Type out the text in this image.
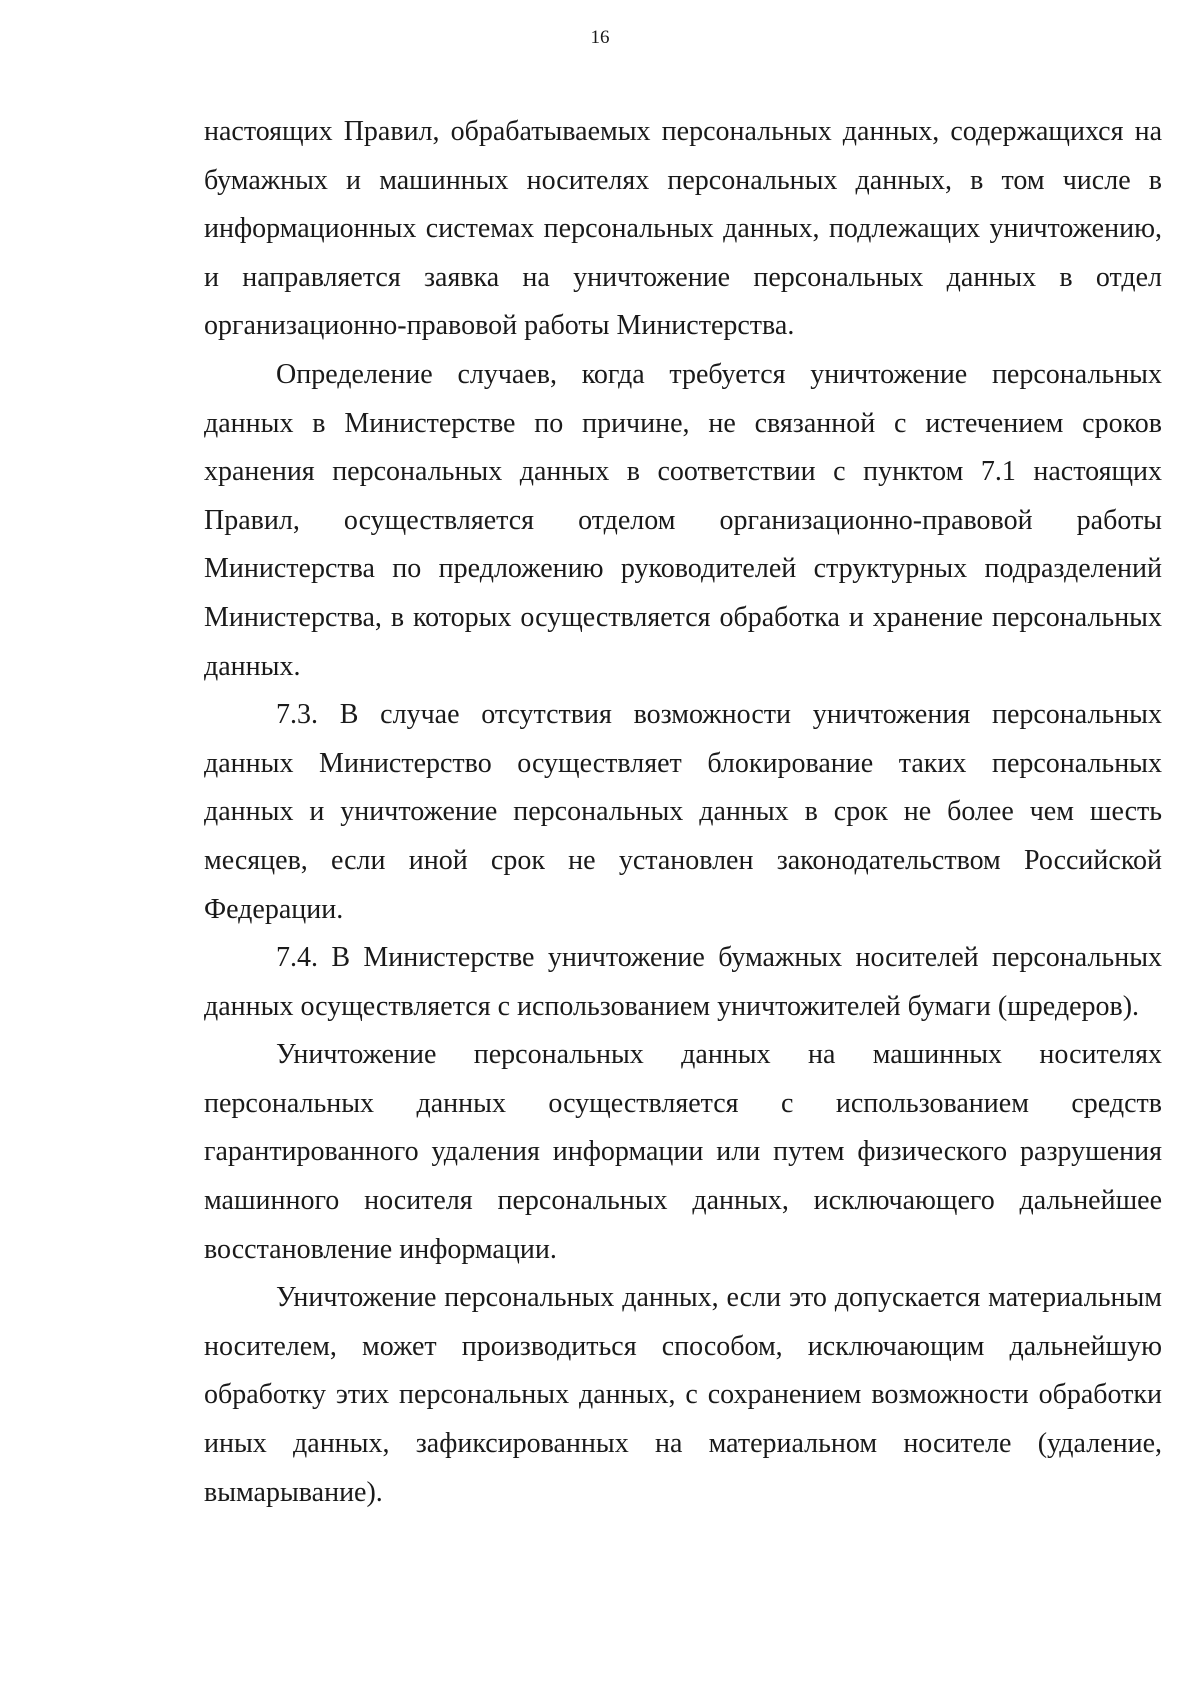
16

настоящих Правил, обрабатываемых персональных данных, содержащихся на бумажных и машинных носителях персональных данных, в том числе в информационных системах персональных данных, подлежащих уничтожению, и направляется заявка на уничтожение персональных данных в отдел организационно-правовой работы Министерства.

Определение случаев, когда требуется уничтожение персональных данных в Министерстве по причине, не связанной с истечением сроков хранения персональных данных в соответствии с пунктом 7.1 настоящих Правил, осуществляется отделом организационно-правовой работы Министерства по предложению руководителей структурных подразделений Министерства, в которых осуществляется обработка и хранение персональных данных.

7.3. В случае отсутствия возможности уничтожения персональных данных Министерство осуществляет блокирование таких персональных данных и уничтожение персональных данных в срок не более чем шесть месяцев, если иной срок не установлен законодательством Российской Федерации.

7.4. В Министерстве уничтожение бумажных носителей персональных данных осуществляется с использованием уничтожителей бумаги (шредеров).

Уничтожение персональных данных на машинных носителях персональных данных осуществляется с использованием средств гарантированного удаления информации или путем физического разрушения машинного носителя персональных данных, исключающего дальнейшее восстановление информации.

Уничтожение персональных данных, если это допускается материальным носителем, может производиться способом, исключающим дальнейшую обработку этих персональных данных, с сохранением возможности обработки иных данных, зафиксированных на материальном носителе (удаление, вымарывание).
